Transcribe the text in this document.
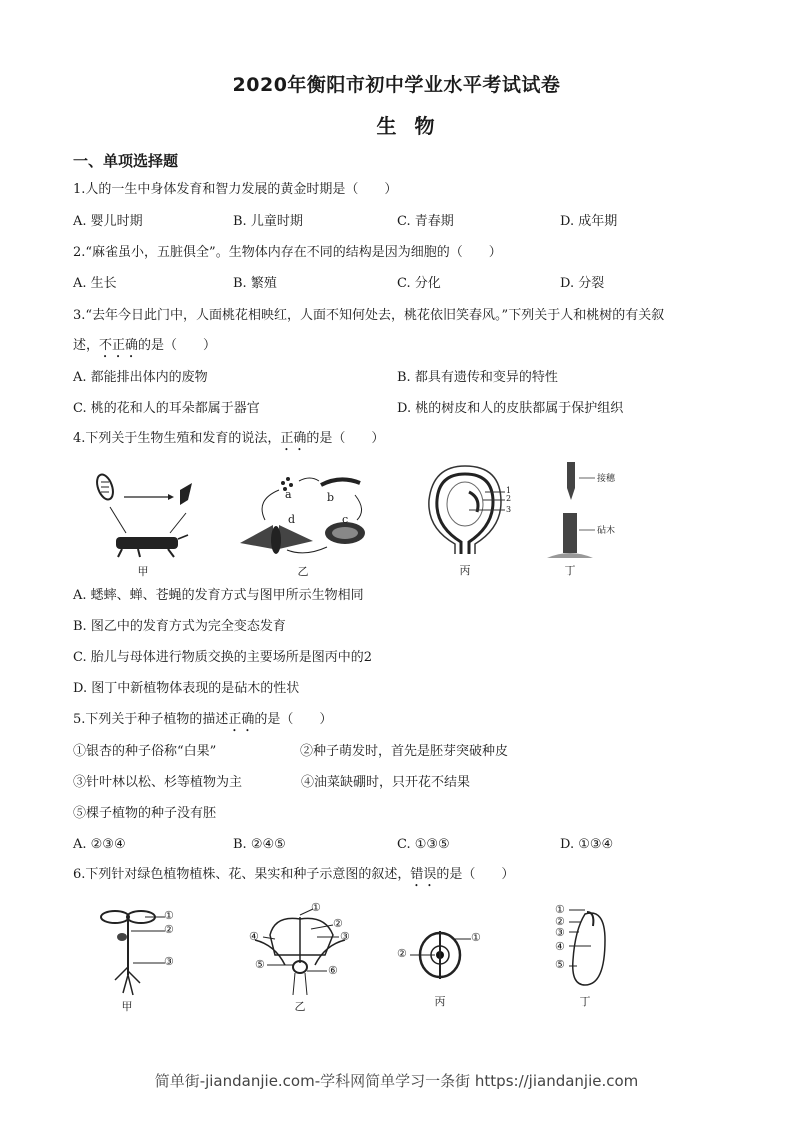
2020年衡阳市初中学业水平考试试卷
生物
一、单项选择题
1.人的一生中身体发育和智力发展的黄金时期是（　　）
A. 婴儿时期	B. 儿童时期	C. 青春期	D. 成年期
2.“麻雀虽小，五脏俱全”。生物体内存在不同的结构是因为细胞的（　　）
A. 生长	B. 繁殖	C. 分化	D. 分裂
3.“去年今日此门中，人面桃花相映红，人面不知何处去，桃花依旧笑春风。”下列关于人和桃树的有关叙
述，不正确的是（　　）
A. 都能排出体内的废物	B. 都具有遗传和变异的特性
C. 桃的花和人的耳朵都属于器官	D. 桃的树皮和人的皮肤都属于保护组织
4.下列关于生物生殖和发育的说法，正确的是（　　）
甲
a	b
c
d
乙
1
2
3
丙
接穗
砧木
丁
A. 蟋蟀、蝉、苍蝇的发育方式与图甲所示生物相同
B. 图乙中的发育方式为完全变态发育
C. 胎儿与母体进行物质交换的主要场所是图丙中的2
D. 图丁中新植物体表现的是砧木的性状
5.下列关于种子植物的描述正确的是（　　）
①银杏的种子俗称“白果”	②种子萌发时，首先是胚芽突破种皮
③针叶林以松、杉等植物为主	④油菜缺硼时，只开花不结果
⑤棵子植物的种子没有胚
A. ②③④	B. ②④⑤	C. ①③⑤	D. ①③④
6.下列针对绿色植物植株、花、果实和种子示意图的叙述，错误的是（　　）
①
②
③
甲
①
②
③
④
⑤	⑥
乙
①
②
丙
①
②
③
④
⑤
丁
简单街-jiandanjie.com-学科网简单学习一条街 https://jiandanjie.com
